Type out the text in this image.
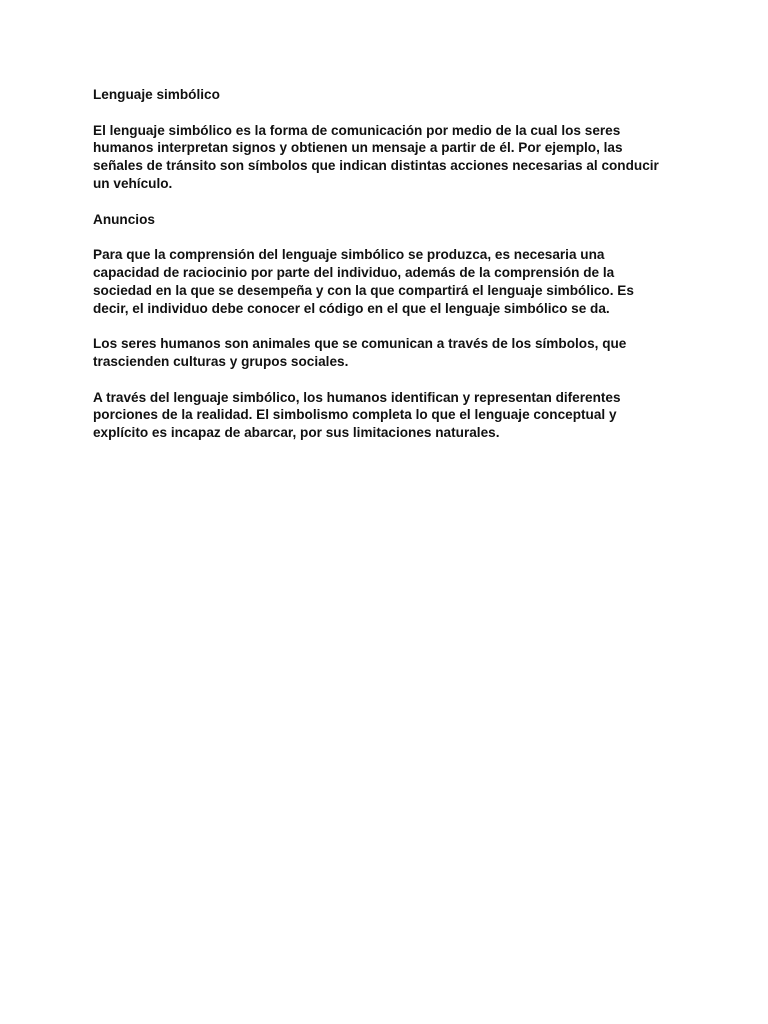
Lenguaje simbólico

El lenguaje simbólico es la forma de comunicación por medio de la cual los seres humanos interpretan signos y obtienen un mensaje a partir de él. Por ejemplo, las señales de tránsito son símbolos que indican distintas acciones necesarias al conducir un vehículo.

Anuncios

Para que la comprensión del lenguaje simbólico se produzca, es necesaria una capacidad de raciocinio por parte del individuo, además de la comprensión de la sociedad en la que se desempeña y con la que compartirá el lenguaje simbólico. Es decir, el individuo debe conocer el código en el que el lenguaje simbólico se da.

Los seres humanos son animales que se comunican a través de los símbolos, que trascienden culturas y grupos sociales.

A través del lenguaje simbólico, los humanos identifican y representan diferentes porciones de la realidad. El simbolismo completa lo que el lenguaje conceptual y explícito es incapaz de abarcar, por sus limitaciones naturales.
